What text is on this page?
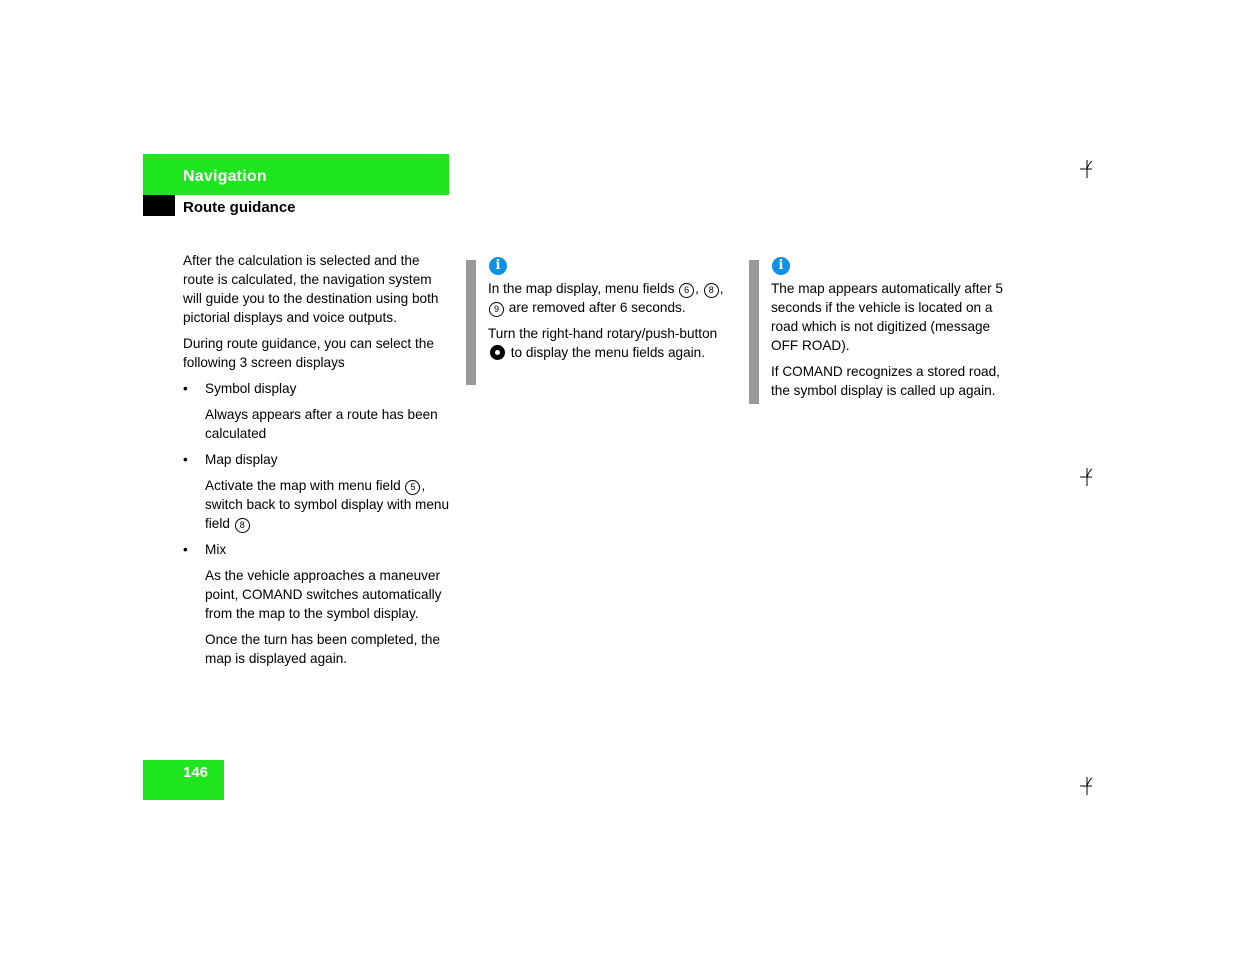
Navigation
Route guidance

After the calculation is selected and the route is calculated, the navigation system will guide you to the destination using both pictorial displays and voice outputs.

During route guidance, you can select the following 3 screen displays

• Symbol display

Always appears after a route has been calculated

• Map display

Activate the map with menu field 5 , switch back to symbol display with menu field 8

• Mix

As the vehicle approaches a maneuver point, COMAND switches automatically from the map to the symbol display.

Once the turn has been completed, the map is displayed again.

i

In the map display, menu fields 6 , 8 , 9 are removed after 6 seconds.

Turn the right-hand rotary/push-button  to display the menu fields again.

i

The map appears automatically after 5 seconds if the vehicle is located on a road which is not digitized (message OFF ROAD).

If COMAND recognizes a stored road, the symbol display is called up again.

146
